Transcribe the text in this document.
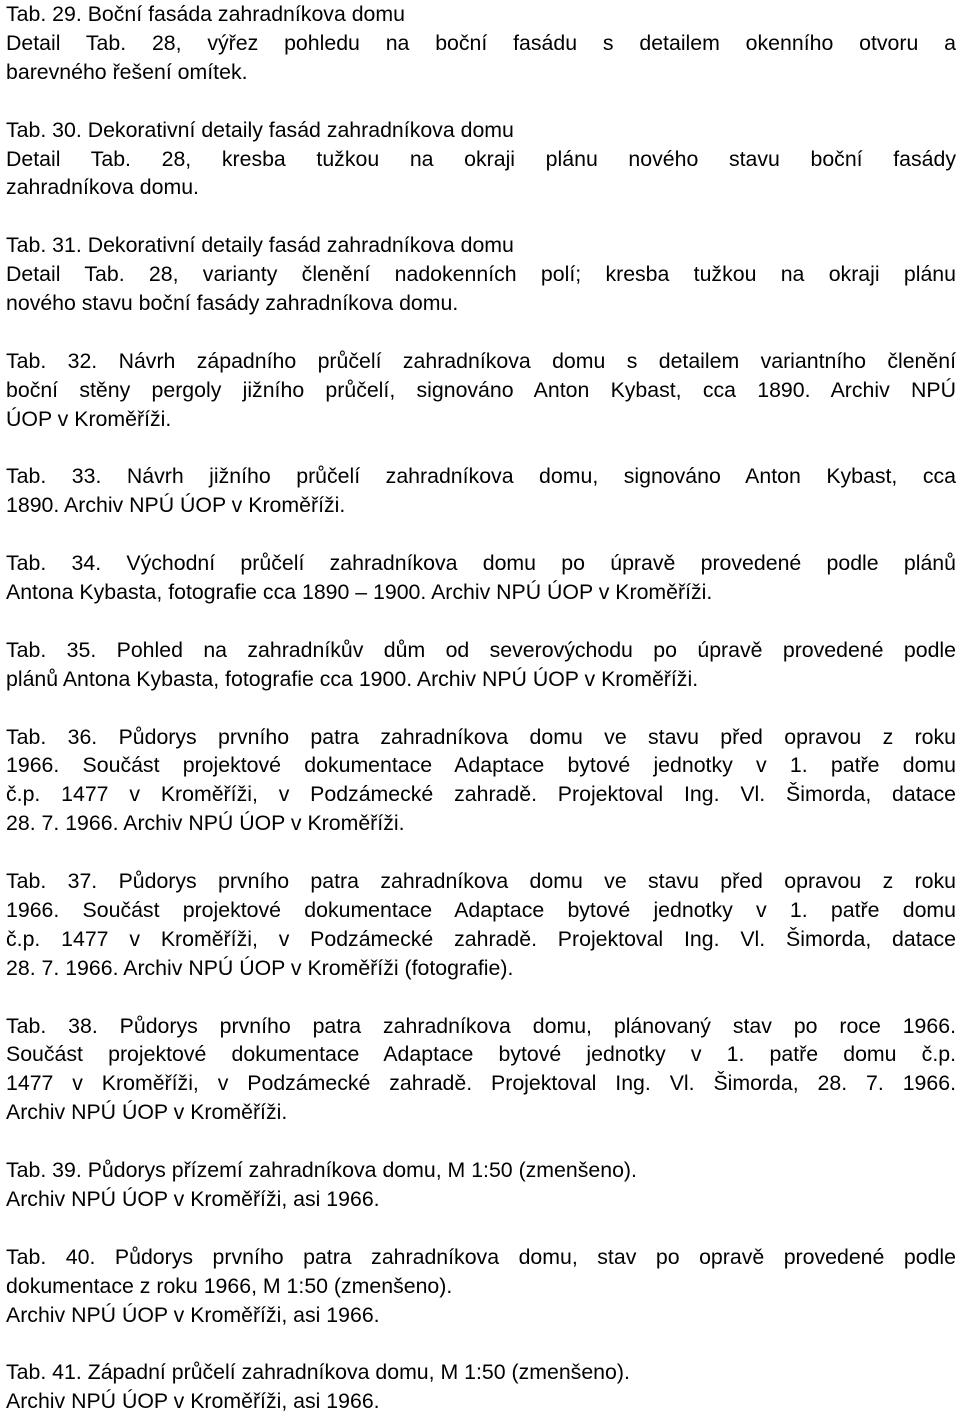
Tab. 29. Boční fasáda zahradníkova domu
Detail Tab. 28, výřez pohledu na boční fasádu s detailem okenního otvoru a
barevného řešení omítek.
Tab. 30. Dekorativní detaily fasád zahradníkova domu
Detail Tab. 28, kresba tužkou na okraji plánu nového stavu boční fasády
zahradníkova domu.
Tab. 31. Dekorativní detaily fasád zahradníkova domu
Detail Tab. 28, varianty členění nadokenních polí; kresba tužkou na okraji plánu
nového stavu boční fasády zahradníkova domu.
Tab. 32. Návrh západního průčelí zahradníkova domu s detailem variantního členění
boční stěny pergoly jižního průčelí, signováno Anton Kybast, cca 1890. Archiv NPÚ
ÚOP v Kroměříži.
Tab. 33. Návrh jižního průčelí zahradníkova domu, signováno Anton Kybast, cca
1890. Archiv NPÚ ÚOP v Kroměříži.
Tab. 34. Východní průčelí zahradníkova domu po úpravě provedené podle plánů
Antona Kybasta, fotografie cca 1890 – 1900. Archiv NPÚ ÚOP v Kroměříži.
Tab. 35. Pohled na zahradníkův dům od severovýchodu po úpravě provedené podle
plánů Antona Kybasta, fotografie cca 1900. Archiv NPÚ ÚOP v Kroměříži.
Tab. 36. Půdorys prvního patra zahradníkova domu ve stavu před opravou z roku
1966. Součást projektové dokumentace Adaptace bytové jednotky v 1. patře domu
č.p. 1477 v Kroměříži, v Podzámecké zahradě. Projektoval Ing. Vl. Šimorda, datace
28. 7. 1966. Archiv NPÚ ÚOP v Kroměříži.
Tab. 37. Půdorys prvního patra zahradníkova domu ve stavu před opravou z roku
1966. Součást projektové dokumentace Adaptace bytové jednotky v 1. patře domu
č.p. 1477 v Kroměříži, v Podzámecké zahradě. Projektoval Ing. Vl. Šimorda, datace
28. 7. 1966. Archiv NPÚ ÚOP v Kroměříži (fotografie).
Tab. 38. Půdorys prvního patra zahradníkova domu, plánovaný stav po roce 1966.
Součást projektové dokumentace Adaptace bytové jednotky v 1. patře domu č.p.
1477 v Kroměříži, v Podzámecké zahradě. Projektoval Ing. Vl. Šimorda, 28. 7. 1966.
Archiv NPÚ ÚOP v Kroměříži.
Tab. 39. Půdorys přízemí zahradníkova domu, M 1:50 (zmenšeno).
Archiv NPÚ ÚOP v Kroměříži, asi 1966.
Tab. 40. Půdorys prvního patra zahradníkova domu, stav po opravě provedené podle
dokumentace z roku 1966, M 1:50 (zmenšeno).
Archiv NPÚ ÚOP v Kroměříži, asi 1966.
Tab. 41. Západní průčelí zahradníkova domu, M 1:50 (zmenšeno).
Archiv NPÚ ÚOP v Kroměříži, asi 1966.
